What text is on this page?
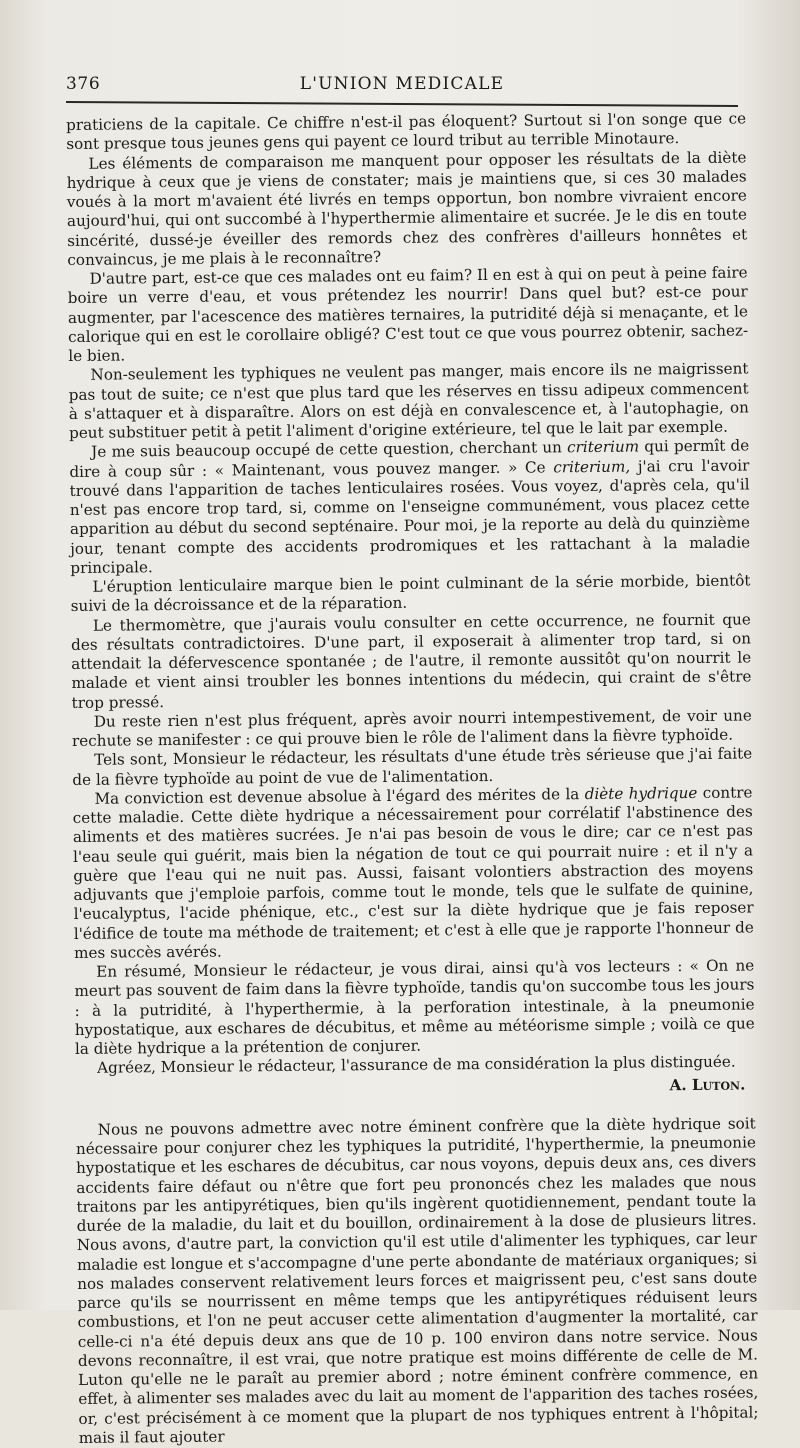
376	L'UNION MEDICALE

praticiens de la capitale. Ce chiffre n'est-il pas éloquent? Surtout si l'on songe que ce sont presque tous jeunes gens qui payent ce lourd tribut au terrible Minotaure.

Les éléments de comparaison me manquent pour opposer les résultats de la diète hydrique à ceux que je viens de constater; mais je maintiens que, si ces 30 malades voués à la mort m'avaient été livrés en temps opportun, bon nombre vivraient encore aujourd'hui, qui ont succombé à l'hyperthermie alimentaire et sucrée. Je le dis en toute sincérité, dussé-je éveiller des remords chez des confrères d'ailleurs honnêtes et convaincus, je me plais à le reconnaître?

D'autre part, est-ce que ces malades ont eu faim? Il en est à qui on peut à peine faire boire un verre d'eau, et vous prétendez les nourrir! Dans quel but? est-ce pour augmenter, par l'acescence des matières ternaires, la putridité déjà si menaçante, et le calorique qui en est le corollaire obligé? C'est tout ce que vous pourrez obtenir, sachez-le bien.

Non-seulement les typhiques ne veulent pas manger, mais encore ils ne maigrissent pas tout de suite; ce n'est que plus tard que les réserves en tissu adipeux commencent à s'attaquer et à disparaître. Alors on est déjà en convalescence et, à l'autophagie, on peut substituer petit à petit l'aliment d'origine extérieure, tel que le lait par exemple.

Je me suis beaucoup occupé de cette question, cherchant un criterium qui permît de dire à coup sûr : « Maintenant, vous pouvez manger. » Ce criterium, j'ai cru l'avoir trouvé dans l'apparition de taches lenticulaires rosées. Vous voyez, d'après cela, qu'il n'est pas encore trop tard, si, comme on l'enseigne communément, vous placez cette apparition au début du second septénaire. Pour moi, je la reporte au delà du quinzième jour, tenant compte des accidents prodromiques et les rattachant à la maladie principale.

L'éruption lenticulaire marque bien le point culminant de la série morbide, bientôt suivi de la décroissance et de la réparation.

Le thermomètre, que j'aurais voulu consulter en cette occurrence, ne fournit que des résultats contradictoires. D'une part, il exposerait à alimenter trop tard, si on attendait la défervescence spontanée ; de l'autre, il remonte aussitôt qu'on nourrit le malade et vient ainsi troubler les bonnes intentions du médecin, qui craint de s'être trop pressé.

Du reste rien n'est plus fréquent, après avoir nourri intempestivement, de voir une rechute se manifester : ce qui prouve bien le rôle de l'aliment dans la fièvre typhoïde.

Tels sont, Monsieur le rédacteur, les résultats d'une étude très sérieuse que j'ai faite de la fièvre typhoïde au point de vue de l'alimentation.

Ma conviction est devenue absolue à l'égard des mérites de la diète hydrique contre cette maladie. Cette diète hydrique a nécessairement pour corrélatif l'abstinence des aliments et des matières sucrées. Je n'ai pas besoin de vous le dire; car ce n'est pas l'eau seule qui guérit, mais bien la négation de tout ce qui pourrait nuire : et il n'y a guère que l'eau qui ne nuit pas. Aussi, faisant volontiers abstraction des moyens adjuvants que j'emploie parfois, comme tout le monde, tels que le sulfate de quinine, l'eucalyptus, l'acide phénique, etc., c'est sur la diète hydrique que je fais reposer l'édifice de toute ma méthode de traitement; et c'est à elle que je rapporte l'honneur de mes succès avérés.

En résumé, Monsieur le rédacteur, je vous dirai, ainsi qu'à vos lecteurs : « On ne meurt pas souvent de faim dans la fièvre typhoïde, tandis qu'on succombe tous les jours : à la putridité, à l'hyperthermie, à la perforation intestinale, à la pneumonie hypostatique, aux eschares de décubitus, et même au météorisme simple ; voilà ce que la diète hydrique a la prétention de conjurer.

Agréez, Monsieur le rédacteur, l'assurance de ma considération la plus distinguée.

A. Luton.

Nous ne pouvons admettre avec notre éminent confrère que la diète hydrique soit nécessaire pour conjurer chez les typhiques la putridité, l'hyperthermie, la pneumonie hypostatique et les eschares de décubitus, car nous voyons, depuis deux ans, ces divers accidents faire défaut ou n'être que fort peu prononcés chez les malades que nous traitons par les antipyrétiques, bien qu'ils ingèrent quotidiennement, pendant toute la durée de la maladie, du lait et du bouillon, ordinairement à la dose de plusieurs litres. Nous avons, d'autre part, la conviction qu'il est utile d'alimenter les typhiques, car leur maladie est longue et s'accompagne d'une perte abondante de matériaux organiques; si nos malades conservent relativement leurs forces et maigrissent peu, c'est sans doute parce qu'ils se nourrissent en même temps que les antipyrétiques réduisent leurs combustions, et l'on ne peut accuser cette alimentation d'augmenter la mortalité, car celle-ci n'a été depuis deux ans que de 10 p. 100 environ dans notre service. Nous devons reconnaître, il est vrai, que notre pratique est moins différente de celle de M. Luton qu'elle ne le paraît au premier abord ; notre éminent confrère commence, en effet, à alimenter ses malades avec du lait au moment de l'apparition des taches rosées, or, c'est précisément à ce moment que la plupart de nos typhiques entrent à l'hôpital; mais il faut ajouter
